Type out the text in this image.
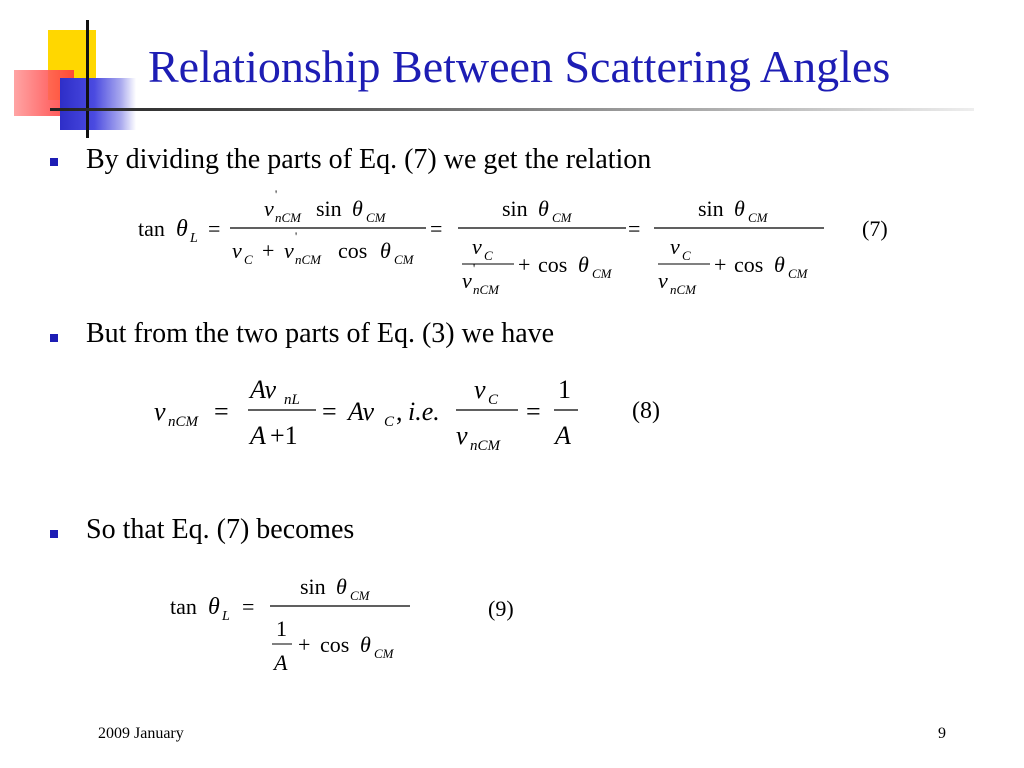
Relationship Between Scattering Angles
By dividing the parts of Eq. (7) we get the relation
tan θ L =
v
'
nCM sin θ CM
v C + v
'
nCM cos θ CM
=
sin θ CM
v C
v '
nCM
+ cos θ CM
=
sin θ CM
v C
v nCM
+ cos θ CM
(7)
But from the two parts of Eq. (3) we have
v nCM =
Av nL
A +1
= Av C , i.e.
v C
v nCM
=
1
A
(8)
So that Eq. (7) becomes
tan θ L =
sin θ CM
1
A
+ cos θ CM
(9)
2009 January	9
